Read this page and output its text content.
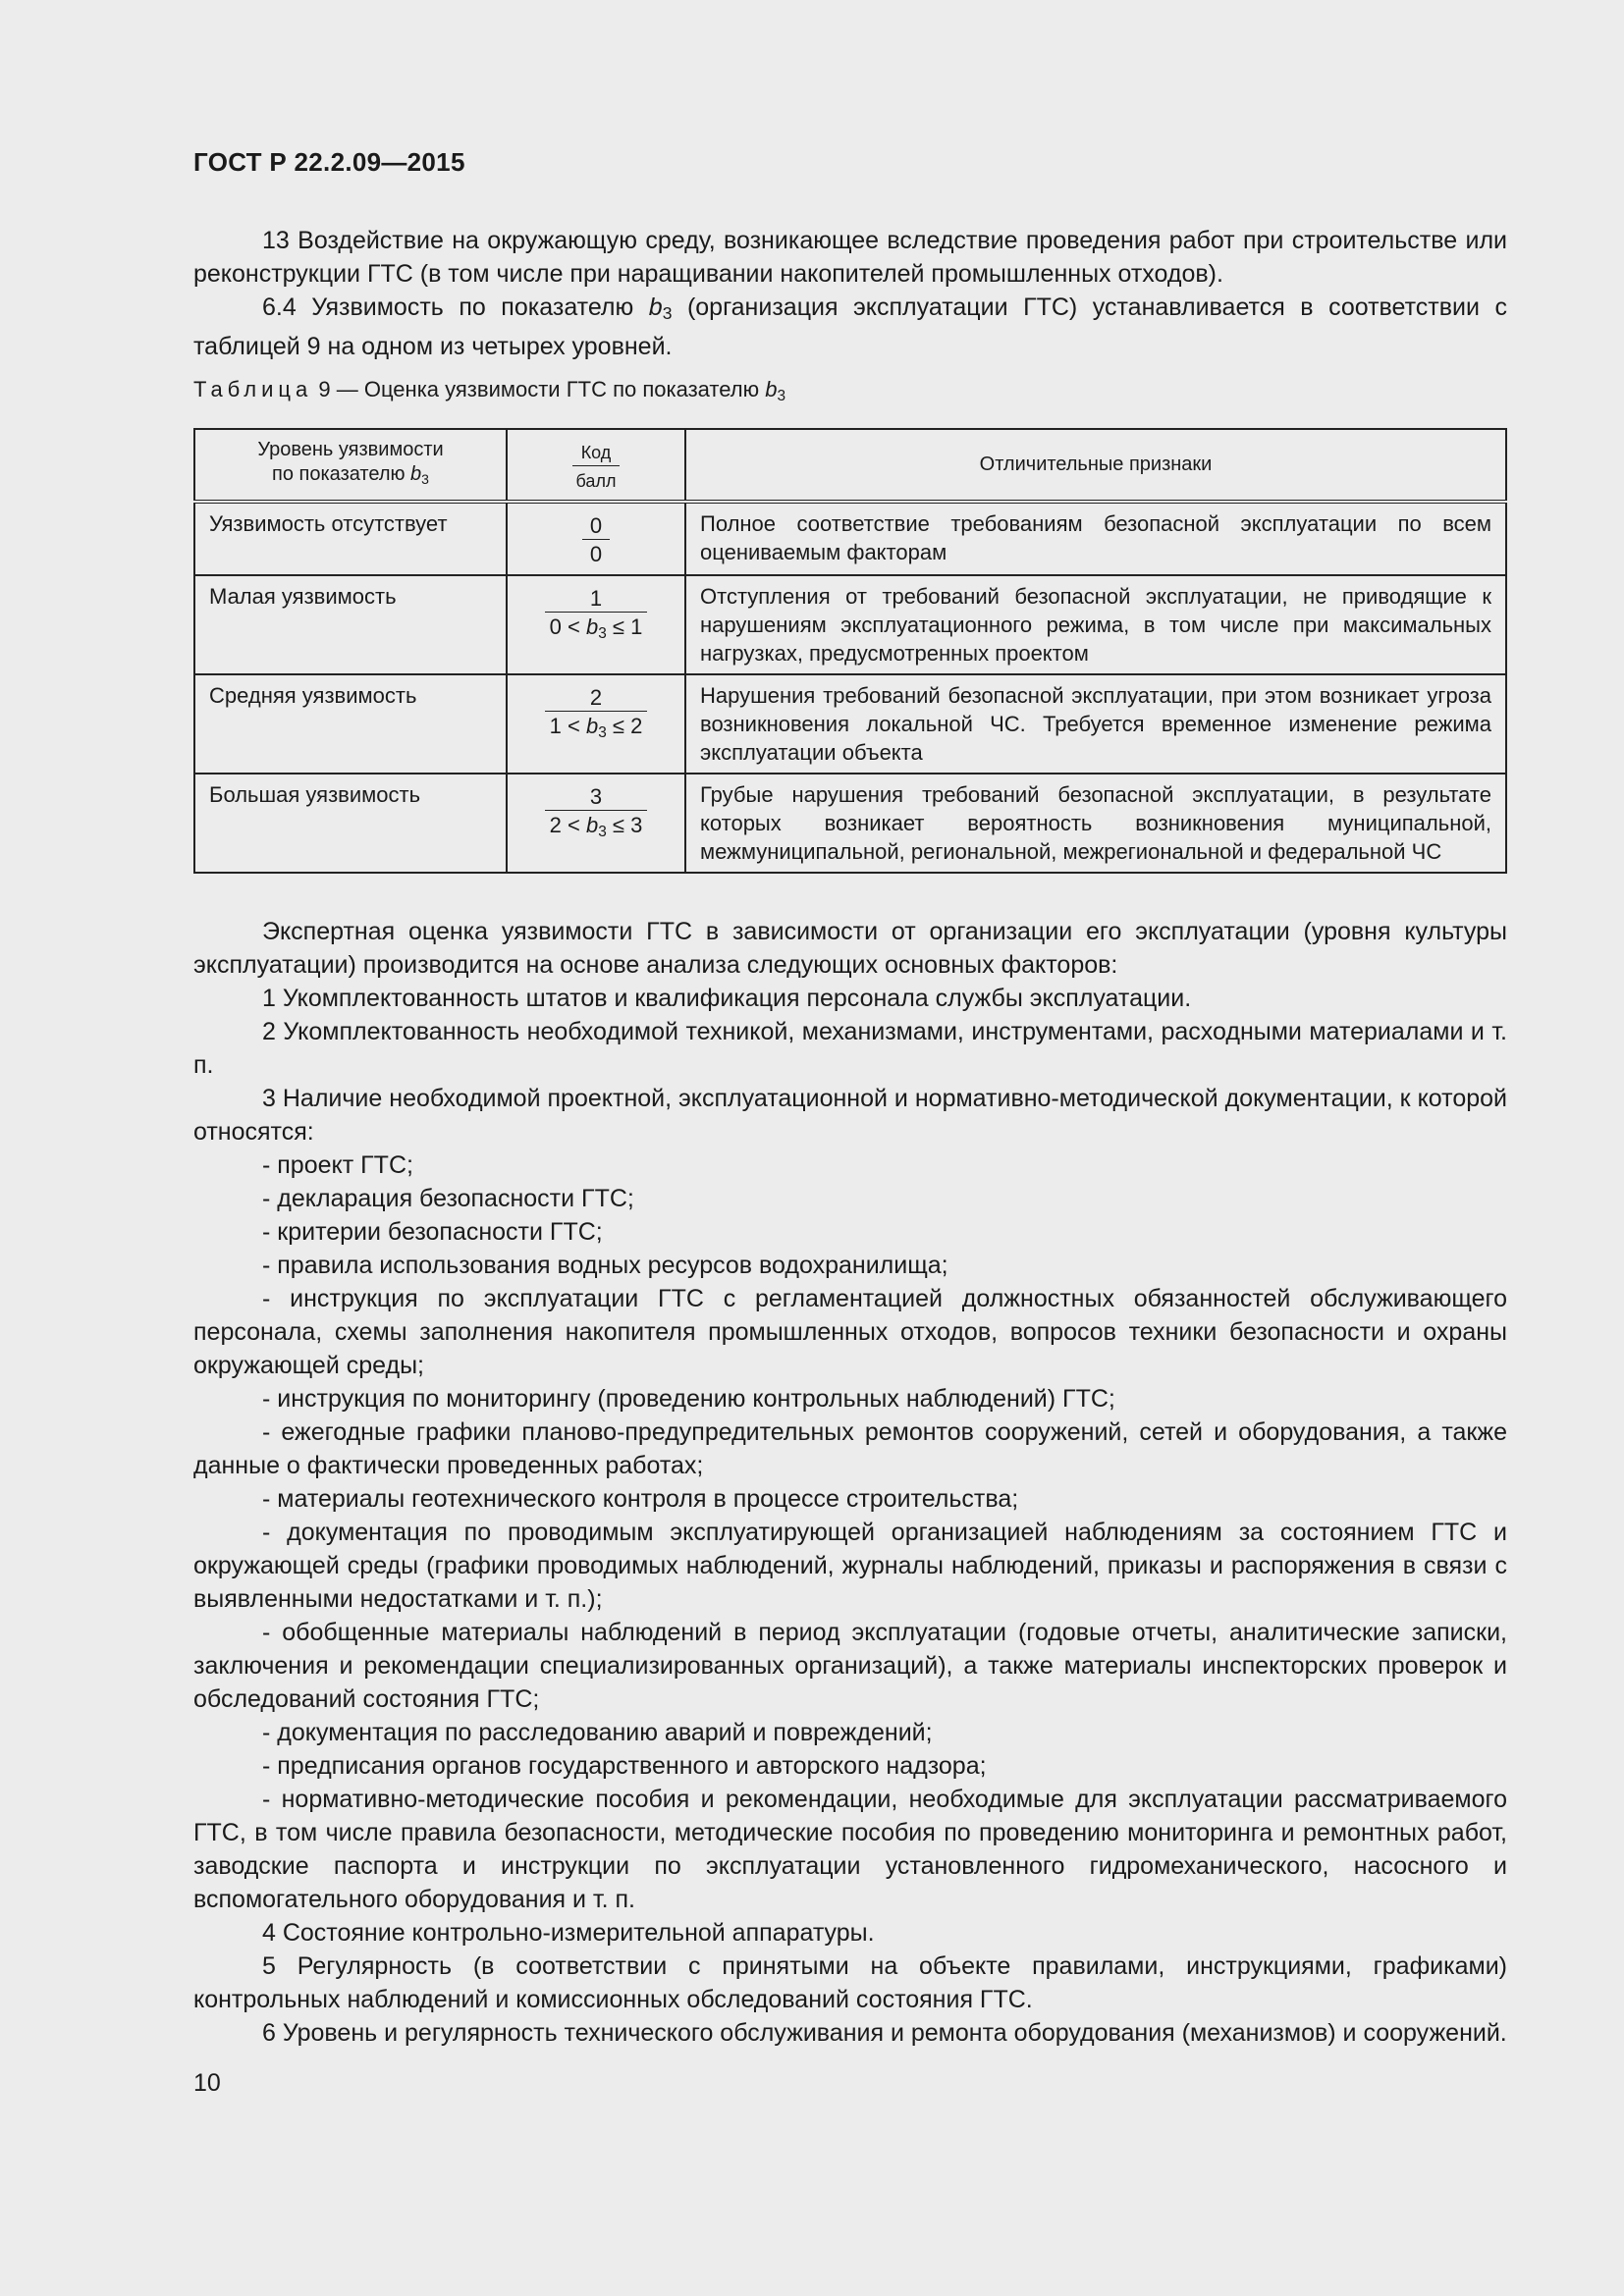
ГОСТ Р 22.2.09—2015

13 Воздействие на окружающую среду, возникающее вследствие проведения работ при строительстве или реконструкции ГТС (в том числе при наращивании накопителей промышленных отходов).

6.4 Уязвимость по показателю $b_3$ (организация эксплуатации ГТС) устанавливается в соответствии с таблицей 9 на одном из четырех уровней.

Таблица 9 — Оценка уязвимости ГТС по показателю $b_3$
Уровень уязвимости
по показателю $b_3$	$\frac{\text{Код}}{\text{балл}}$	Отличительные признаки
Уязвимость отсутствует	$\frac{0}{0}$	Полное соответствие требованиям безопасной эксплуатации по всем оцениваемым факторам
Малая уязвимость	$\frac{1}{0 < b_3 \le 1}$	Отступления от требований безопасной эксплуатации, не приводящие к нарушениям эксплуатационного режима, в том числе при максимальных нагрузках, предусмотренных проектом
Средняя уязвимость	$\frac{2}{1 < b_3 \le 2}$	Нарушения требований безопасной эксплуатации, при этом возникает угроза возникновения локальной ЧС. Требуется временное изменение режима эксплуатации объекта
Большая уязвимость	$\frac{3}{2 < b_3 \le 3}$	Грубые нарушения требований безопасной эксплуатации, в результате которых возникает вероятность возникновения муниципальной, межмуниципальной, региональной, межрегиональной и федеральной ЧС

Экспертная оценка уязвимости ГТС в зависимости от организации его эксплуатации (уровня культуры эксплуатации) производится на основе анализа следующих основных факторов:

1 Укомплектованность штатов и квалификация персонала службы эксплуатации.

2 Укомплектованность необходимой техникой, механизмами, инструментами, расходными материалами и т. п.

3 Наличие необходимой проектной, эксплуатационной и нормативно-методической документации, к которой относятся:

- проект ГТС;

- декларация безопасности ГТС;

- критерии безопасности ГТС;

- правила использования водных ресурсов водохранилища;

- инструкция по эксплуатации ГТС с регламентацией должностных обязанностей обслуживающего персонала, схемы заполнения накопителя промышленных отходов, вопросов техники безопасности и охраны окружающей среды;

- инструкция по мониторингу (проведению контрольных наблюдений) ГТС;

- ежегодные графики планово-предупредительных ремонтов сооружений, сетей и оборудования, а также данные о фактически проведенных работах;

- материалы геотехнического контроля в процессе строительства;

- документация по проводимым эксплуатирующей организацией наблюдениям за состоянием ГТС и окружающей среды (графики проводимых наблюдений, журналы наблюдений, приказы и распоряжения в связи с выявленными недостатками и т. п.);

- обобщенные материалы наблюдений в период эксплуатации (годовые отчеты, аналитические записки, заключения и рекомендации специализированных организаций), а также материалы инспекторских проверок и обследований состояния ГТС;

- документация по расследованию аварий и повреждений;

- предписания органов государственного и авторского надзора;

- нормативно-методические пособия и рекомендации, необходимые для эксплуатации рассматриваемого ГТС, в том числе правила безопасности, методические пособия по проведению мониторинга и ремонтных работ, заводские паспорта и инструкции по эксплуатации установленного гидромеханического, насосного и вспомогательного оборудования и т. п.

4 Состояние контрольно-измерительной аппаратуры.

5 Регулярность (в соответствии с принятыми на объекте правилами, инструкциями, графиками) контрольных наблюдений и комиссионных обследований состояния ГТС.

6 Уровень и регулярность технического обслуживания и ремонта оборудования (механизмов) и сооружений.

10
